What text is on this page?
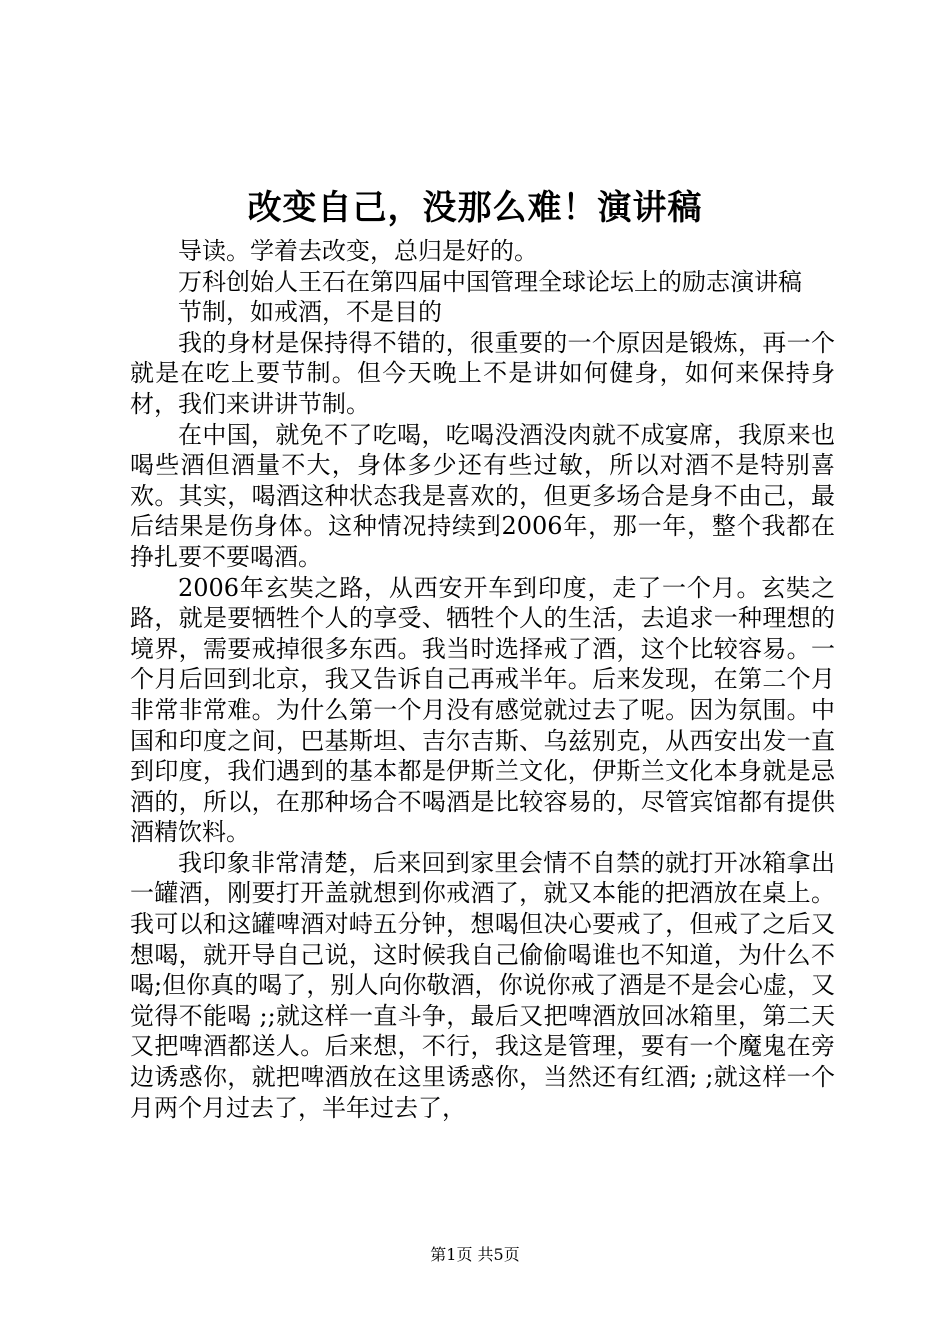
改变自己，没那么难！演讲稿

导读。学着去改变，总归是好的。

万科创始人王石在第四届中国管理全球论坛上的励志演讲稿

节制，如戒酒，不是目的

我的身材是保持得不错的，很重要的一个原因是锻炼，再一个就是在吃上要节制。但今天晚上不是讲如何健身，如何来保持身材，我们来讲讲节制。

在中国，就免不了吃喝，吃喝没酒没肉就不成宴席，我原来也喝些酒但酒量不大，身体多少还有些过敏，所以对酒不是特别喜欢。其实，喝酒这种状态我是喜欢的，但更多场合是身不由己，最后结果是伤身体。这种情况持续到2006年，那一年，整个我都在挣扎要不要喝酒。

2006年玄奘之路，从西安开车到印度，走了一个月。玄奘之路，就是要牺牲个人的享受、牺牲个人的生活，去追求一种理想的境界，需要戒掉很多东西。我当时选择戒了酒，这个比较容易。一个月后回到北京，我又告诉自己再戒半年。后来发现，在第二个月非常非常难。为什么第一个月没有感觉就过去了呢。因为氛围。中国和印度之间，巴基斯坦、吉尔吉斯、乌兹别克，从西安出发一直到印度，我们遇到的基本都是伊斯兰文化，伊斯兰文化本身就是忌酒的，所以，在那种场合不喝酒是比较容易的，尽管宾馆都有提供酒精饮料。

我印象非常清楚，后来回到家里会情不自禁的就打开冰箱拿出一罐酒，刚要打开盖就想到你戒酒了，就又本能的把酒放在桌上。我可以和这罐啤酒对峙五分钟，想喝但决心要戒了，但戒了之后又想喝，就开导自己说，这时候我自己偷偷喝谁也不知道，为什么不喝;但你真的喝了，别人向你敬酒，你说你戒了酒是不是会心虚，又觉得不能喝 ;;就这样一直斗争，最后又把啤酒放回冰箱里，第二天又把啤酒都送人。后来想，不行，我这是管理，要有一个魔鬼在旁边诱惑你，就把啤酒放在这里诱惑你，当然还有红酒; ;就这样一个月两个月过去了，半年过去了，

第1页 共5页
